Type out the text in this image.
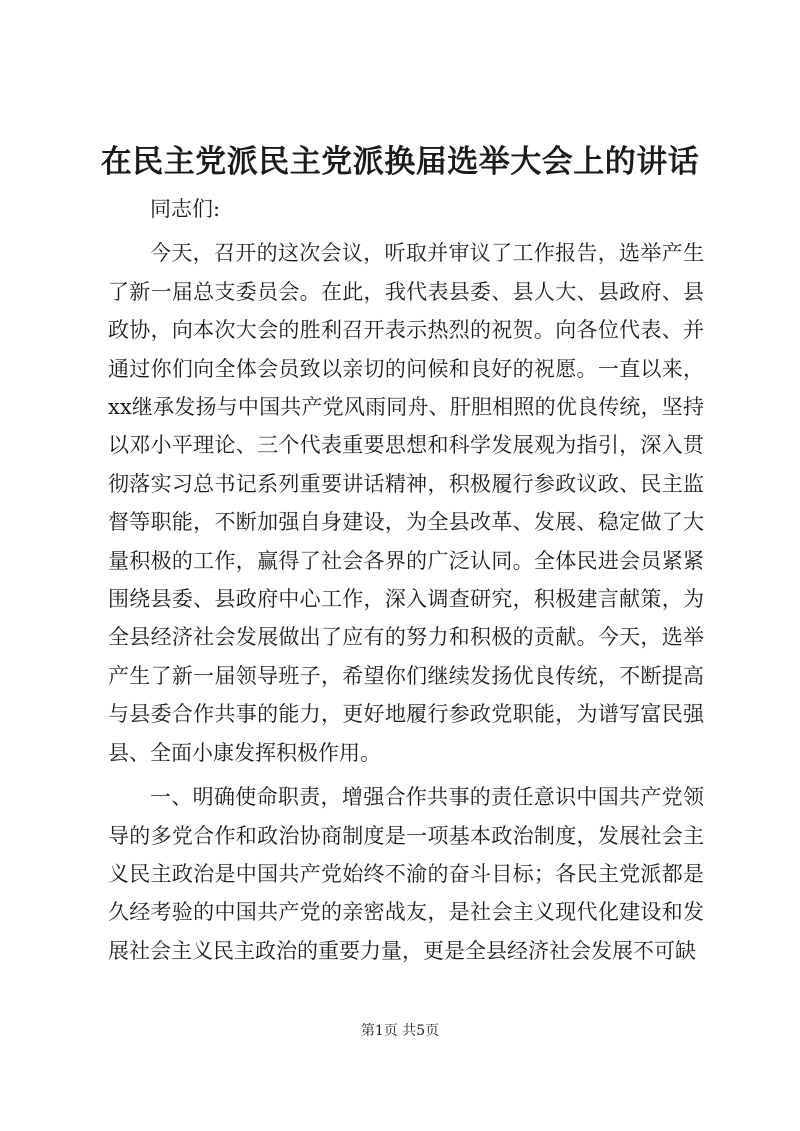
在民主党派民主党派换届选举大会上的讲话

同志们:

今天，召开的这次会议，听取并审议了工作报告，选举产生了新一届总支委员会。在此，我代表县委、县人大、县政府、县政协，向本次大会的胜利召开表示热烈的祝贺。向各位代表、并通过你们向全体会员致以亲切的问候和良好的祝愿。一直以来，xx继承发扬与中国共产党风雨同舟、肝胆相照的优良传统，坚持以邓小平理论、三个代表重要思想和科学发展观为指引，深入贯彻落实习总书记系列重要讲话精神，积极履行参政议政、民主监督等职能，不断加强自身建设，为全县改革、发展、稳定做了大量积极的工作，赢得了社会各界的广泛认同。全体民进会员紧紧围绕县委、县政府中心工作，深入调查研究，积极建言献策，为全县经济社会发展做出了应有的努力和积极的贡献。今天，选举产生了新一届领导班子，希望你们继续发扬优良传统，不断提高与县委合作共事的能力，更好地履行参政党职能，为谱写富民强县、全面小康发挥积极作用。

一、明确使命职责，增强合作共事的责任意识中国共产党领导的多党合作和政治协商制度是一项基本政治制度，发展社会主义民主政治是中国共产党始终不渝的奋斗目标；各民主党派都是久经考验的中国共产党的亲密战友，是社会主义现代化建设和发展社会主义民主政治的重要力量，更是全县经济社会发展不可缺

第1页 共5页
